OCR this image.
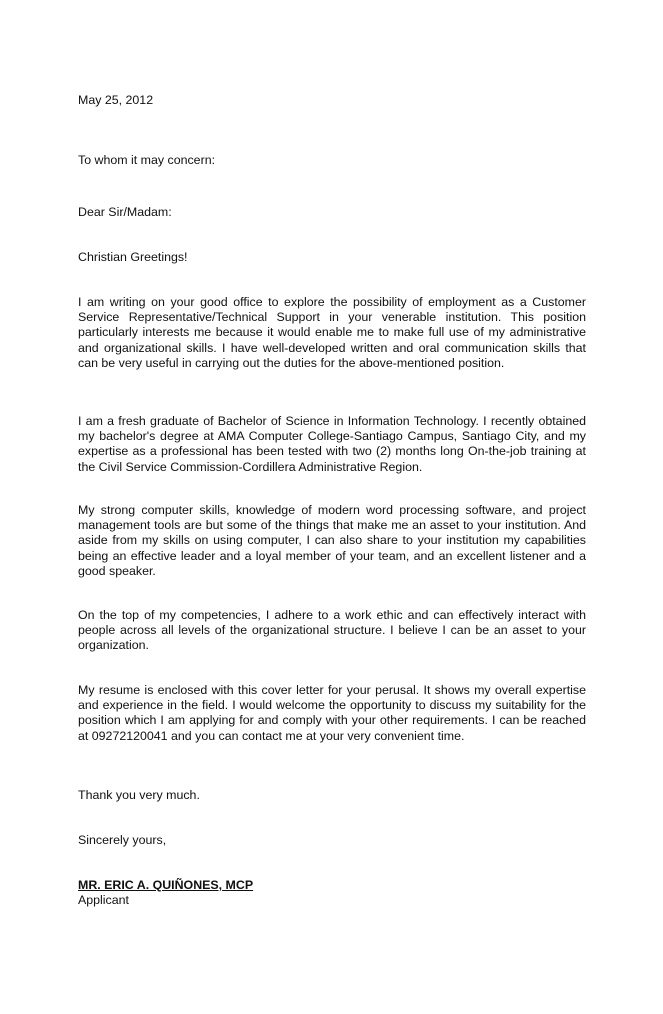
May 25, 2012
To whom it may concern:
Dear Sir/Madam:
Christian Greetings!
I am writing on your good office to explore the possibility of employment as a Customer Service Representative/Technical Support in your venerable institution. This position particularly interests me because it would enable me to make full use of my administrative and organizational skills. I have well-developed written and oral communication skills that can be very useful in carrying out the duties for the above-mentioned position.
I am a fresh graduate of Bachelor of Science in Information Technology. I recently obtained my bachelor's degree at AMA Computer College-Santiago Campus, Santiago City, and my expertise as a professional has been tested with two (2) months long On-the-job training at the Civil Service Commission-Cordillera Administrative Region.
My strong computer skills, knowledge of modern word processing software, and project management tools are but some of the things that make me an asset to your institution. And aside from my skills on using computer, I can also share to your institution my capabilities being an effective leader and a loyal member of your team, and an excellent listener and a good speaker.
On the top of my competencies, I adhere to a work ethic and can effectively interact with people across all levels of the organizational structure. I believe I can be an asset to your organization.
My resume is enclosed with this cover letter for your perusal. It shows my overall expertise and experience in the field. I would welcome the opportunity to discuss my suitability for the position which I am applying for and comply with your other requirements. I can be reached at 09272120041 and you can contact me at your very convenient time.
Thank you very much.
Sincerely yours,
MR. ERIC A. QUIÑONES, MCP
Applicant
